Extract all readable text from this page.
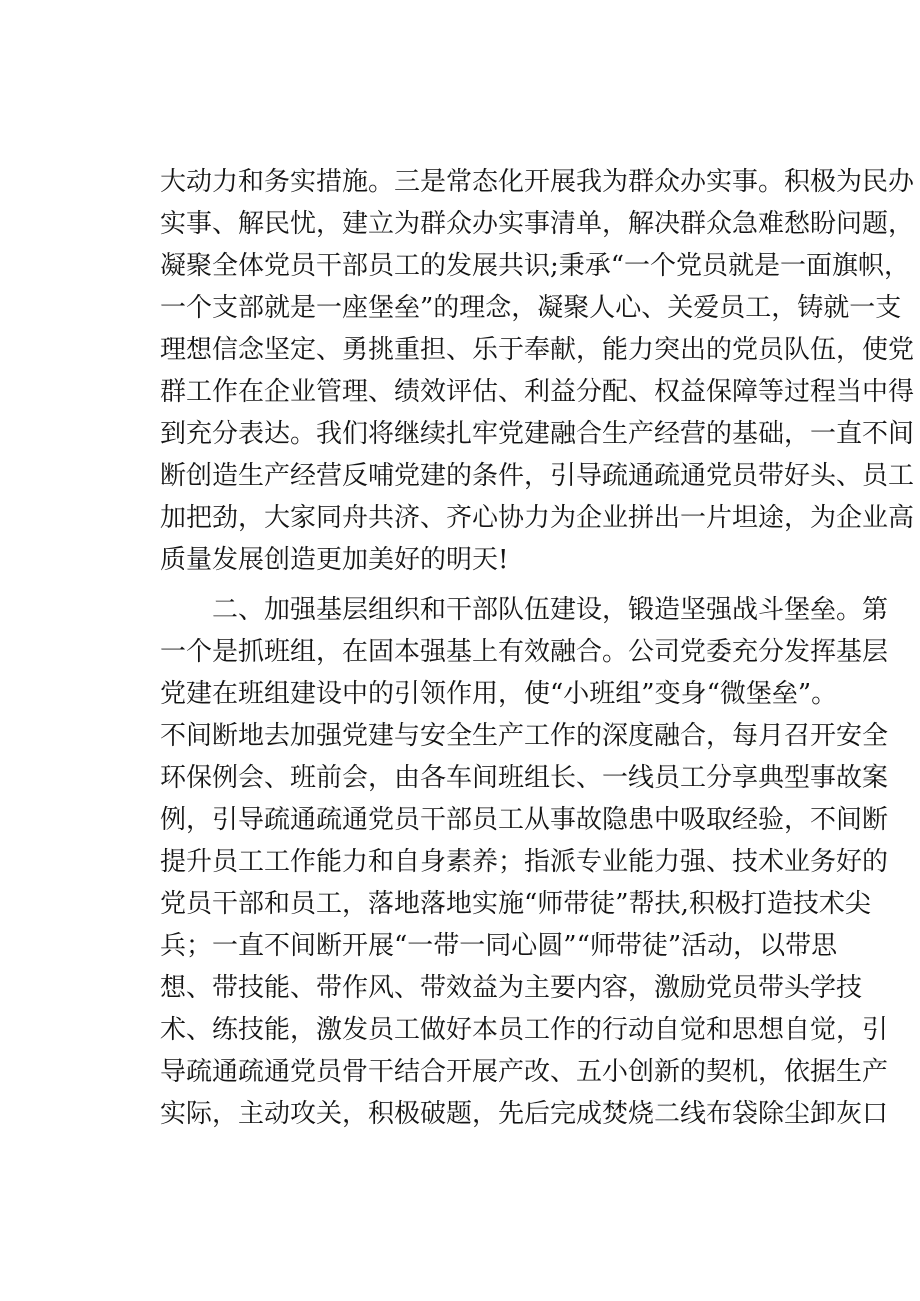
大动力和务实措施。三是常态化开展我为群众办实事。积极为民办
实事、解民忧，建立为群众办实事清单，解决群众急难愁盼问题，
凝聚全体党员干部员工的发展共识;秉承“一个党员就是一面旗帜，
一个支部就是一座堡垒”的理念，凝聚人心、关爱员工，铸就一支
理想信念坚定、勇挑重担、乐于奉献，能力突出的党员队伍，使党
群工作在企业管理、绩效评估、利益分配、权益保障等过程当中得
到充分表达。我们将继续扎牢党建融合生产经营的基础，一直不间
断创造生产经营反哺党建的条件，引导疏通疏通党员带好头、员工
加把劲，大家同舟共济、齐心协力为企业拼出一片坦途，为企业高
质量发展创造更加美好的明天!
二、加强基层组织和干部队伍建设，锻造坚强战斗堡垒。第
一个是抓班组，在固本强基上有效融合。公司党委充分发挥基层
党建在班组建设中的引领作用，使“小班组”变身“微堡垒”。
不间断地去加强党建与安全生产工作的深度融合，每月召开安全
环保例会、班前会，由各车间班组长、一线员工分享典型事故案
例，引导疏通疏通党员干部员工从事故隐患中吸取经验，不间断
提升员工工作能力和自身素养；指派专业能力强、技术业务好的
党员干部和员工，落地落地实施“师带徒”帮扶,积极打造技术尖
兵；一直不间断开展“一带一同心圆”“师带徒”活动，以带思
想、带技能、带作风、带效益为主要内容，激励党员带头学技
术、练技能，激发员工做好本员工作的行动自觉和思想自觉，引
导疏通疏通党员骨干结合开展产改、五小创新的契机，依据生产
实际，主动攻关，积极破题，先后完成焚烧二线布袋除尘卸灰口
